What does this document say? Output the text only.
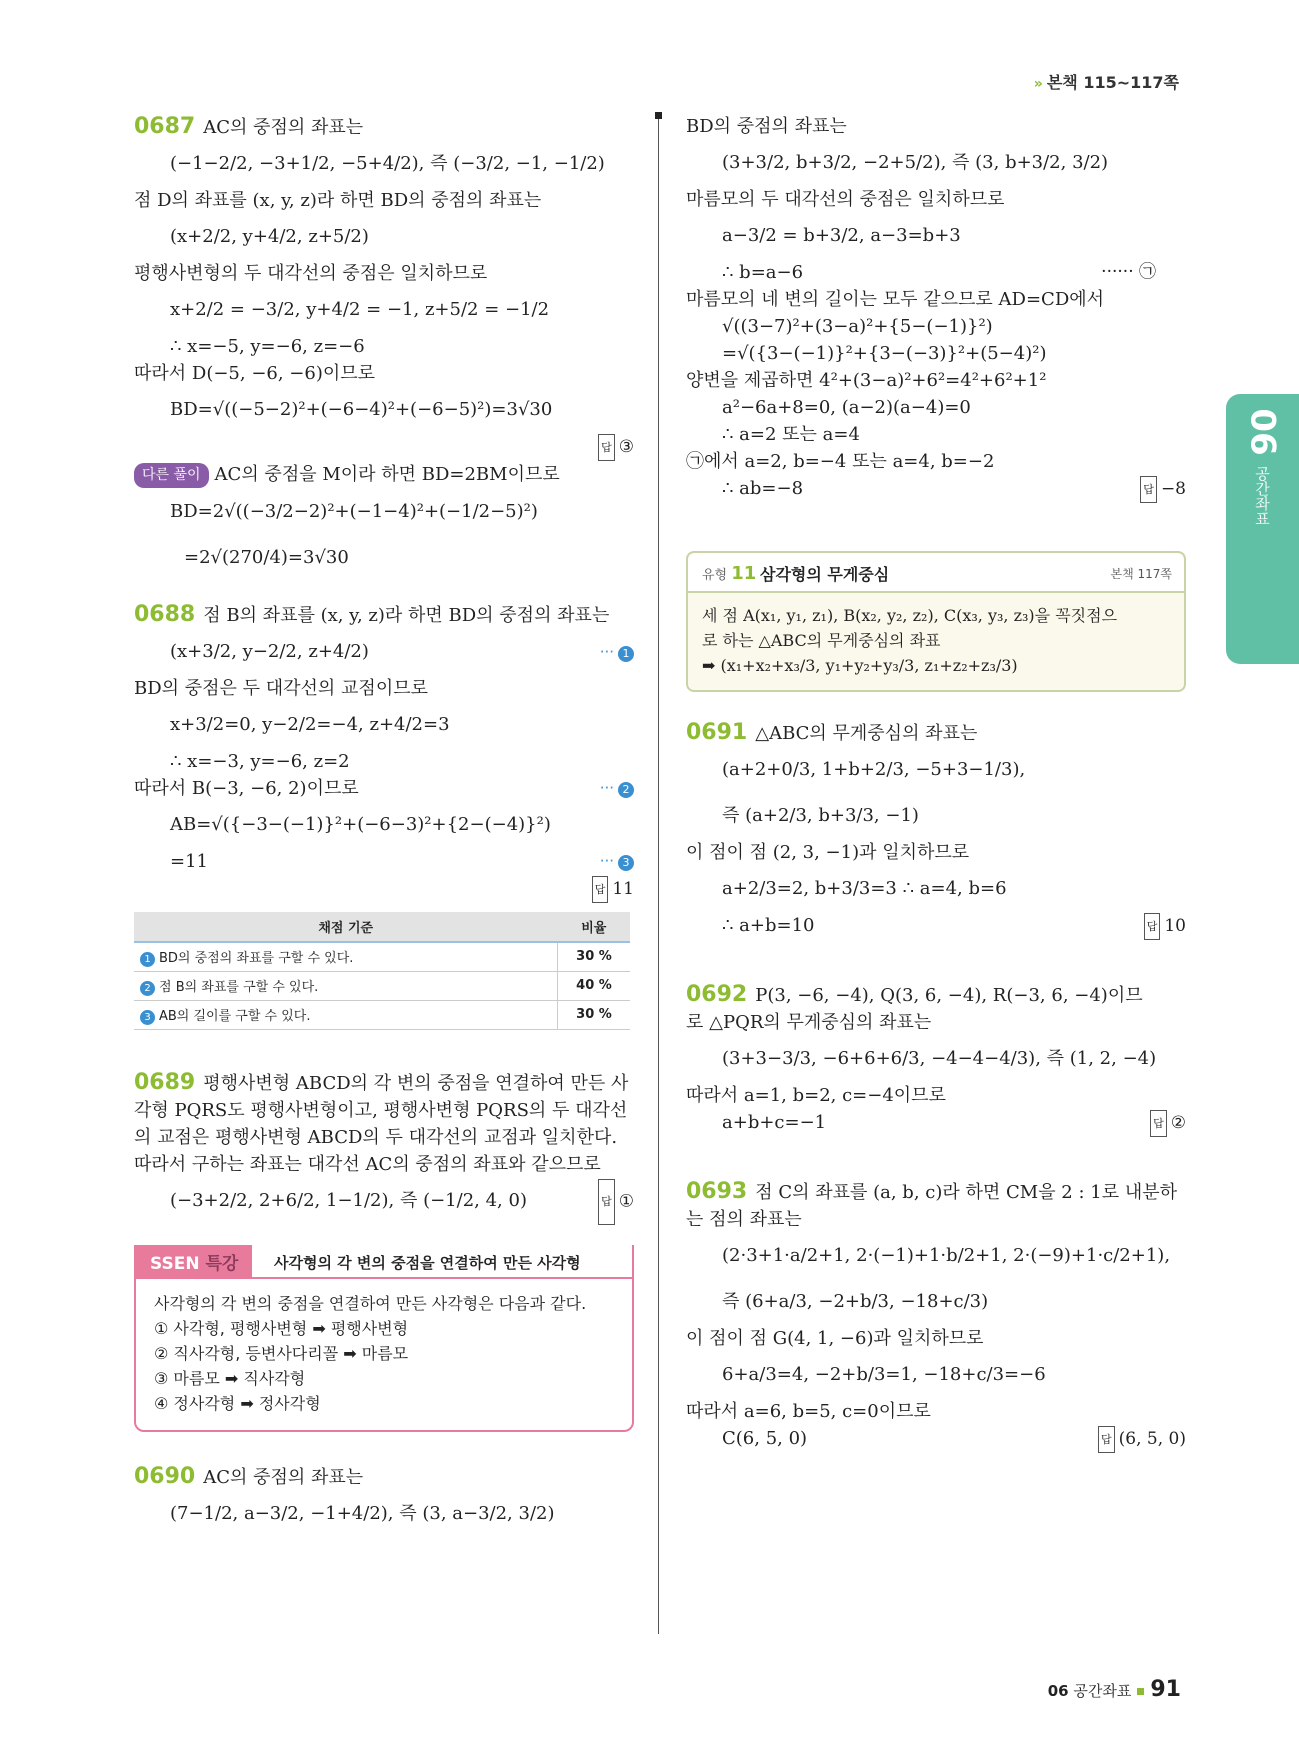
» 본책 115~117쪽
06
공간좌표
0687 AC의 중점의 좌표는
(−1−2/2, −3+1/2, −5+4/2), 즉 (−3/2, −1, −1/2)
점 D의 좌표를 (x, y, z)라 하면 BD의 중점의 좌표는
(x+2/2, y+4/2, z+5/2)
평행사변형의 두 대각선의 중점은 일치하므로
x+2/2 = −3/2, y+4/2 = −1, z+5/2 = −1/2
∴ x=−5, y=−6, z=−6
따라서 D(−5, −6, −6)이므로
BD=√((−5−2)²+(−6−4)²+(−6−5)²)=3√30
답 ③
다른 풀이 AC의 중점을 M이라 하면 BD=2BM이므로
BD=2√((−3/2−2)²+(−1−4)²+(−1/2−5)²)
=2√(270/4)=3√30
0688 점 B의 좌표를 (x, y, z)라 하면 BD의 중점의 좌표는
(x+3/2, y−2/2, z+4/2)	··· 1
BD의 중점은 두 대각선의 교점이므로
x+3/2=0, y−2/2=−4, z+4/2=3
∴ x=−3, y=−6, z=2
따라서 B(−3, −6, 2)이므로	··· 2
AB=√({−3−(−1)}²+(−6−3)²+{2−(−4)}²)
=11	··· 3
답 11
채점 기준	비율
1 BD의 중점의 좌표를 구할 수 있다.	30 %
2 점 B의 좌표를 구할 수 있다.	40 %
3 AB의 길이를 구할 수 있다.	30 %
0689 평행사변형 ABCD의 각 변의 중점을 연결하여 만든 사
각형 PQRS도 평행사변형이고, 평행사변형 PQRS의 두 대각선
의 교점은 평행사변형 ABCD의 두 대각선의 교점과 일치한다.
따라서 구하는 좌표는 대각선 AC의 중점의 좌표와 같으므로
(−3+2/2, 2+6/2, 1−1/2), 즉 (−1/2, 4, 0)	답 ①
SSEN 특강	사각형의 각 변의 중점을 연결하여 만든 사각형
사각형의 각 변의 중점을 연결하여 만든 사각형은 다음과 같다.
① 사각형, 평행사변형 ➡ 평행사변형
② 직사각형, 등변사다리꼴 ➡ 마름모
③ 마름모 ➡ 직사각형
④ 정사각형 ➡ 정사각형
0690 AC의 중점의 좌표는
(7−1/2, a−3/2, −1+4/2), 즉 (3, a−3/2, 3/2)
BD의 중점의 좌표는
(3+3/2, b+3/2, −2+5/2), 즉 (3, b+3/2, 3/2)
마름모의 두 대각선의 중점은 일치하므로
a−3/2 = b+3/2, a−3=b+3
∴ b=a−6	······ ㉠
마름모의 네 변의 길이는 모두 같으므로 AD=CD에서
√((3−7)²+(3−a)²+{5−(−1)}²)
=√({3−(−1)}²+{3−(−3)}²+(5−4)²)
양변을 제곱하면 4²+(3−a)²+6²=4²+6²+1²
a²−6a+8=0, (a−2)(a−4)=0
∴ a=2 또는 a=4
㉠에서 a=2, b=−4 또는 a=4, b=−2
∴ ab=−8	답 −8
유형 11 삼각형의 무게중심	본책 117쪽
세 점 A(x₁, y₁, z₁), B(x₂, y₂, z₂), C(x₃, y₃, z₃)을 꼭짓점으
로 하는 △ABC의 무게중심의 좌표
➡ (x₁+x₂+x₃/3, y₁+y₂+y₃/3, z₁+z₂+z₃/3)
0691 △ABC의 무게중심의 좌표는
(a+2+0/3, 1+b+2/3, −5+3−1/3),
즉 (a+2/3, b+3/3, −1)
이 점이 점 (2, 3, −1)과 일치하므로
a+2/3=2, b+3/3=3 ∴ a=4, b=6
∴ a+b=10	답 10
0692 P(3, −6, −4), Q(3, 6, −4), R(−3, 6, −4)이므
로 △PQR의 무게중심의 좌표는
(3+3−3/3, −6+6+6/3, −4−4−4/3), 즉 (1, 2, −4)
따라서 a=1, b=2, c=−4이므로
a+b+c=−1	답 ②
0693 점 C의 좌표를 (a, b, c)라 하면 CM을 2 : 1로 내분하
는 점의 좌표는
(2·3+1·a/2+1, 2·(−1)+1·b/2+1, 2·(−9)+1·c/2+1),
즉 (6+a/3, −2+b/3, −18+c/3)
이 점이 점 G(4, 1, −6)과 일치하므로
6+a/3=4, −2+b/3=1, −18+c/3=−6
따라서 a=6, b=5, c=0이므로
C(6, 5, 0)	답 (6, 5, 0)
06 공간좌표 91
